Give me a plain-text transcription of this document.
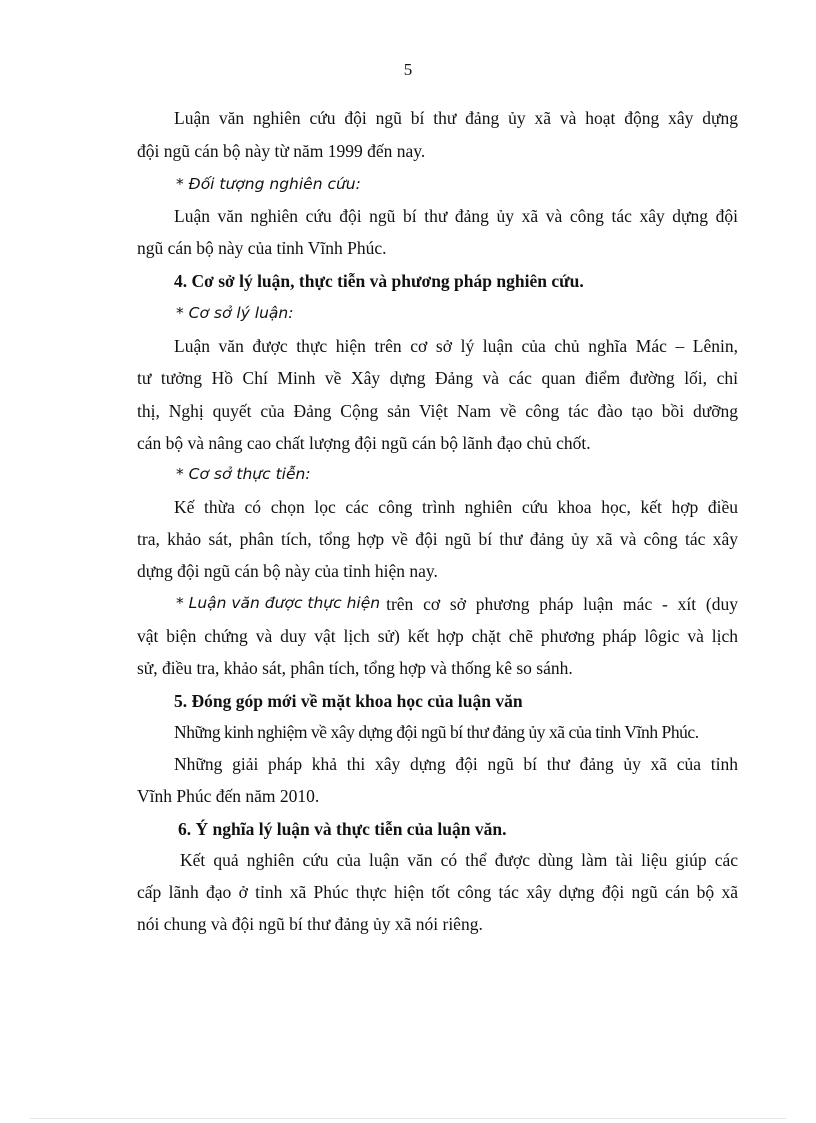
5
Luận văn nghiên cứu đội ngũ bí thư đảng ủy xã và hoạt động xây dựng
đội ngũ cán bộ này từ năm 1999 đến nay.
* Đối tượng nghiên cứu:
Luận văn nghiên cứu đội ngũ bí thư đảng ủy xã và công tác xây dựng đội
ngũ cán bộ này của tỉnh Vĩnh Phúc.
4. Cơ sở lý luận, thực tiễn và phương pháp nghiên cứu.
* Cơ sở lý luận:
Luận văn được thực hiện trên cơ sở lý luận của chủ nghĩa Mác – Lênin,
tư tưởng Hồ Chí Minh về Xây dựng Đảng và các quan điểm đường lối, chỉ
thị, Nghị quyết của Đảng Cộng sản Việt Nam về công tác đào tạo bồi dưỡng
cán bộ và nâng cao chất lượng đội ngũ cán bộ lãnh đạo chủ chốt.
* Cơ sở thực tiễn:
Kế thừa có chọn lọc các công trình nghiên cứu khoa học, kết hợp điều
tra, khảo sát, phân tích, tổng hợp về đội ngũ bí thư đảng ủy xã và công tác xây
dựng đội ngũ cán bộ này của tỉnh hiện nay.
* Luận văn được thực hiện trên cơ sở phương pháp luận mác - xít (duy
vật biện chứng và duy vật lịch sử) kết hợp chặt chẽ phương pháp lôgic và lịch
sử, điều tra, khảo sát, phân tích, tổng hợp và thống kê so sánh.
5. Đóng góp mới về mặt khoa học của luận văn
Những kinh nghiệm về xây dựng đội ngũ bí thư đảng ủy xã của tỉnh Vĩnh Phúc.
Những giải pháp khả thi xây dựng đội ngũ bí thư đảng ủy xã của tỉnh
Vĩnh Phúc đến năm 2010.
6. Ý nghĩa lý luận và thực tiễn của luận văn.
Kết quả nghiên cứu của luận văn có thể được dùng làm tài liệu giúp các
cấp lãnh đạo ở tỉnh xã Phúc thực hiện tốt công tác xây dựng đội ngũ cán bộ xã
nói chung và đội ngũ bí thư đảng ủy xã nói riêng.
